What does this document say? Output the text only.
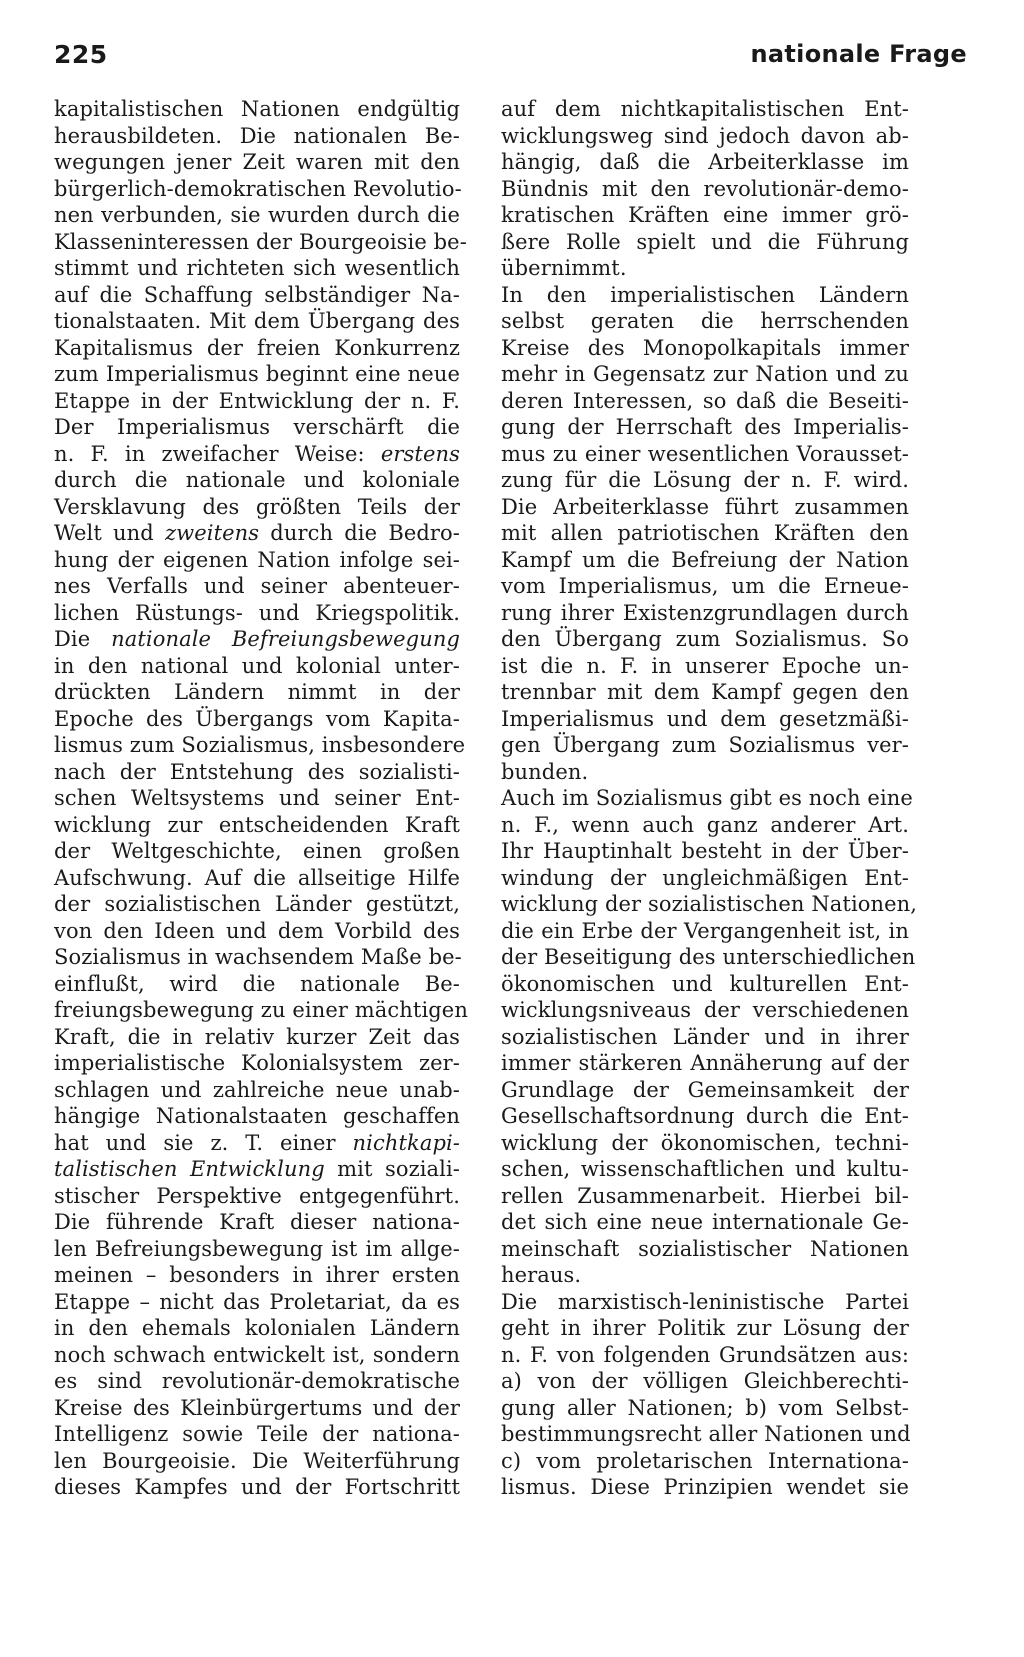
225	nationale Frage
kapitalistischen Nationen endgültig
herausbildeten. Die nationalen Be-
wegungen jener Zeit waren mit den
bürgerlich-demokratischen Revolutio-
nen verbunden, sie wurden durch die
Klasseninteressen der Bourgeoisie be-
stimmt und richteten sich wesentlich
auf die Schaffung selbständiger Na-
tionalstaaten. Mit dem Übergang des
Kapitalismus der freien Konkurrenz
zum Imperialismus beginnt eine neue
Etappe in der Entwicklung der n. F.
Der Imperialismus verschärft die
n. F. in zweifacher Weise: erstens
durch die nationale und koloniale
Versklavung des größten Teils der
Welt und zweitens durch die Bedro-
hung der eigenen Nation infolge sei-
nes Verfalls und seiner abenteuer-
lichen Rüstungs- und Kriegspolitik.
Die nationale Befreiungsbewegung
in den national und kolonial unter-
drückten Ländern nimmt in der
Epoche des Übergangs vom Kapita-
lismus zum Sozialismus, insbesondere
nach der Entstehung des sozialisti-
schen Weltsystems und seiner Ent-
wicklung zur entscheidenden Kraft
der Weltgeschichte, einen großen
Aufschwung. Auf die allseitige Hilfe
der sozialistischen Länder gestützt,
von den Ideen und dem Vorbild des
Sozialismus in wachsendem Maße be-
einflußt, wird die nationale Be-
freiungsbewegung zu einer mächtigen
Kraft, die in relativ kurzer Zeit das
imperialistische Kolonialsystem zer-
schlagen und zahlreiche neue unab-
hängige Nationalstaaten geschaffen
hat und sie z. T. einer nichtkapi-
talistischen Entwicklung mit soziali-
stischer Perspektive entgegenführt.
Die führende Kraft dieser nationa-
len Befreiungsbewegung ist im allge-
meinen – besonders in ihrer ersten
Etappe – nicht das Proletariat, da es
in den ehemals kolonialen Ländern
noch schwach entwickelt ist, sondern
es sind revolutionär-demokratische
Kreise des Kleinbürgertums und der
Intelligenz sowie Teile der nationa-
len Bourgeoisie. Die Weiterführung
dieses Kampfes und der Fortschritt
auf dem nichtkapitalistischen Ent-
wicklungsweg sind jedoch davon ab-
hängig, daß die Arbeiterklasse im
Bündnis mit den revolutionär-demo-
kratischen Kräften eine immer grö-
ßere Rolle spielt und die Führung
übernimmt.
In den imperialistischen Ländern
selbst geraten die herrschenden
Kreise des Monopolkapitals immer
mehr in Gegensatz zur Nation und zu
deren Interessen, so daß die Beseiti-
gung der Herrschaft des Imperialis-
mus zu einer wesentlichen Vorausset-
zung für die Lösung der n. F. wird.
Die Arbeiterklasse führt zusammen
mit allen patriotischen Kräften den
Kampf um die Befreiung der Nation
vom Imperialismus, um die Erneue-
rung ihrer Existenzgrundlagen durch
den Übergang zum Sozialismus. So
ist die n. F. in unserer Epoche un-
trennbar mit dem Kampf gegen den
Imperialismus und dem gesetzmäßi-
gen Übergang zum Sozialismus ver-
bunden.
Auch im Sozialismus gibt es noch eine
n. F., wenn auch ganz anderer Art.
Ihr Hauptinhalt besteht in der Über-
windung der ungleichmäßigen Ent-
wicklung der sozialistischen Nationen,
die ein Erbe der Vergangenheit ist, in
der Beseitigung des unterschiedlichen
ökonomischen und kulturellen Ent-
wicklungsniveaus der verschiedenen
sozialistischen Länder und in ihrer
immer stärkeren Annäherung auf der
Grundlage der Gemeinsamkeit der
Gesellschaftsordnung durch die Ent-
wicklung der ökonomischen, techni-
schen, wissenschaftlichen und kultu-
rellen Zusammenarbeit. Hierbei bil-
det sich eine neue internationale Ge-
meinschaft sozialistischer Nationen
heraus.
Die marxistisch-leninistische Partei
geht in ihrer Politik zur Lösung der
n. F. von folgenden Grundsätzen aus:
a) von der völligen Gleichberechti-
gung aller Nationen; b) vom Selbst-
bestimmungsrecht aller Nationen und
c) vom proletarischen Internationa-
lismus. Diese Prinzipien wendet sie
